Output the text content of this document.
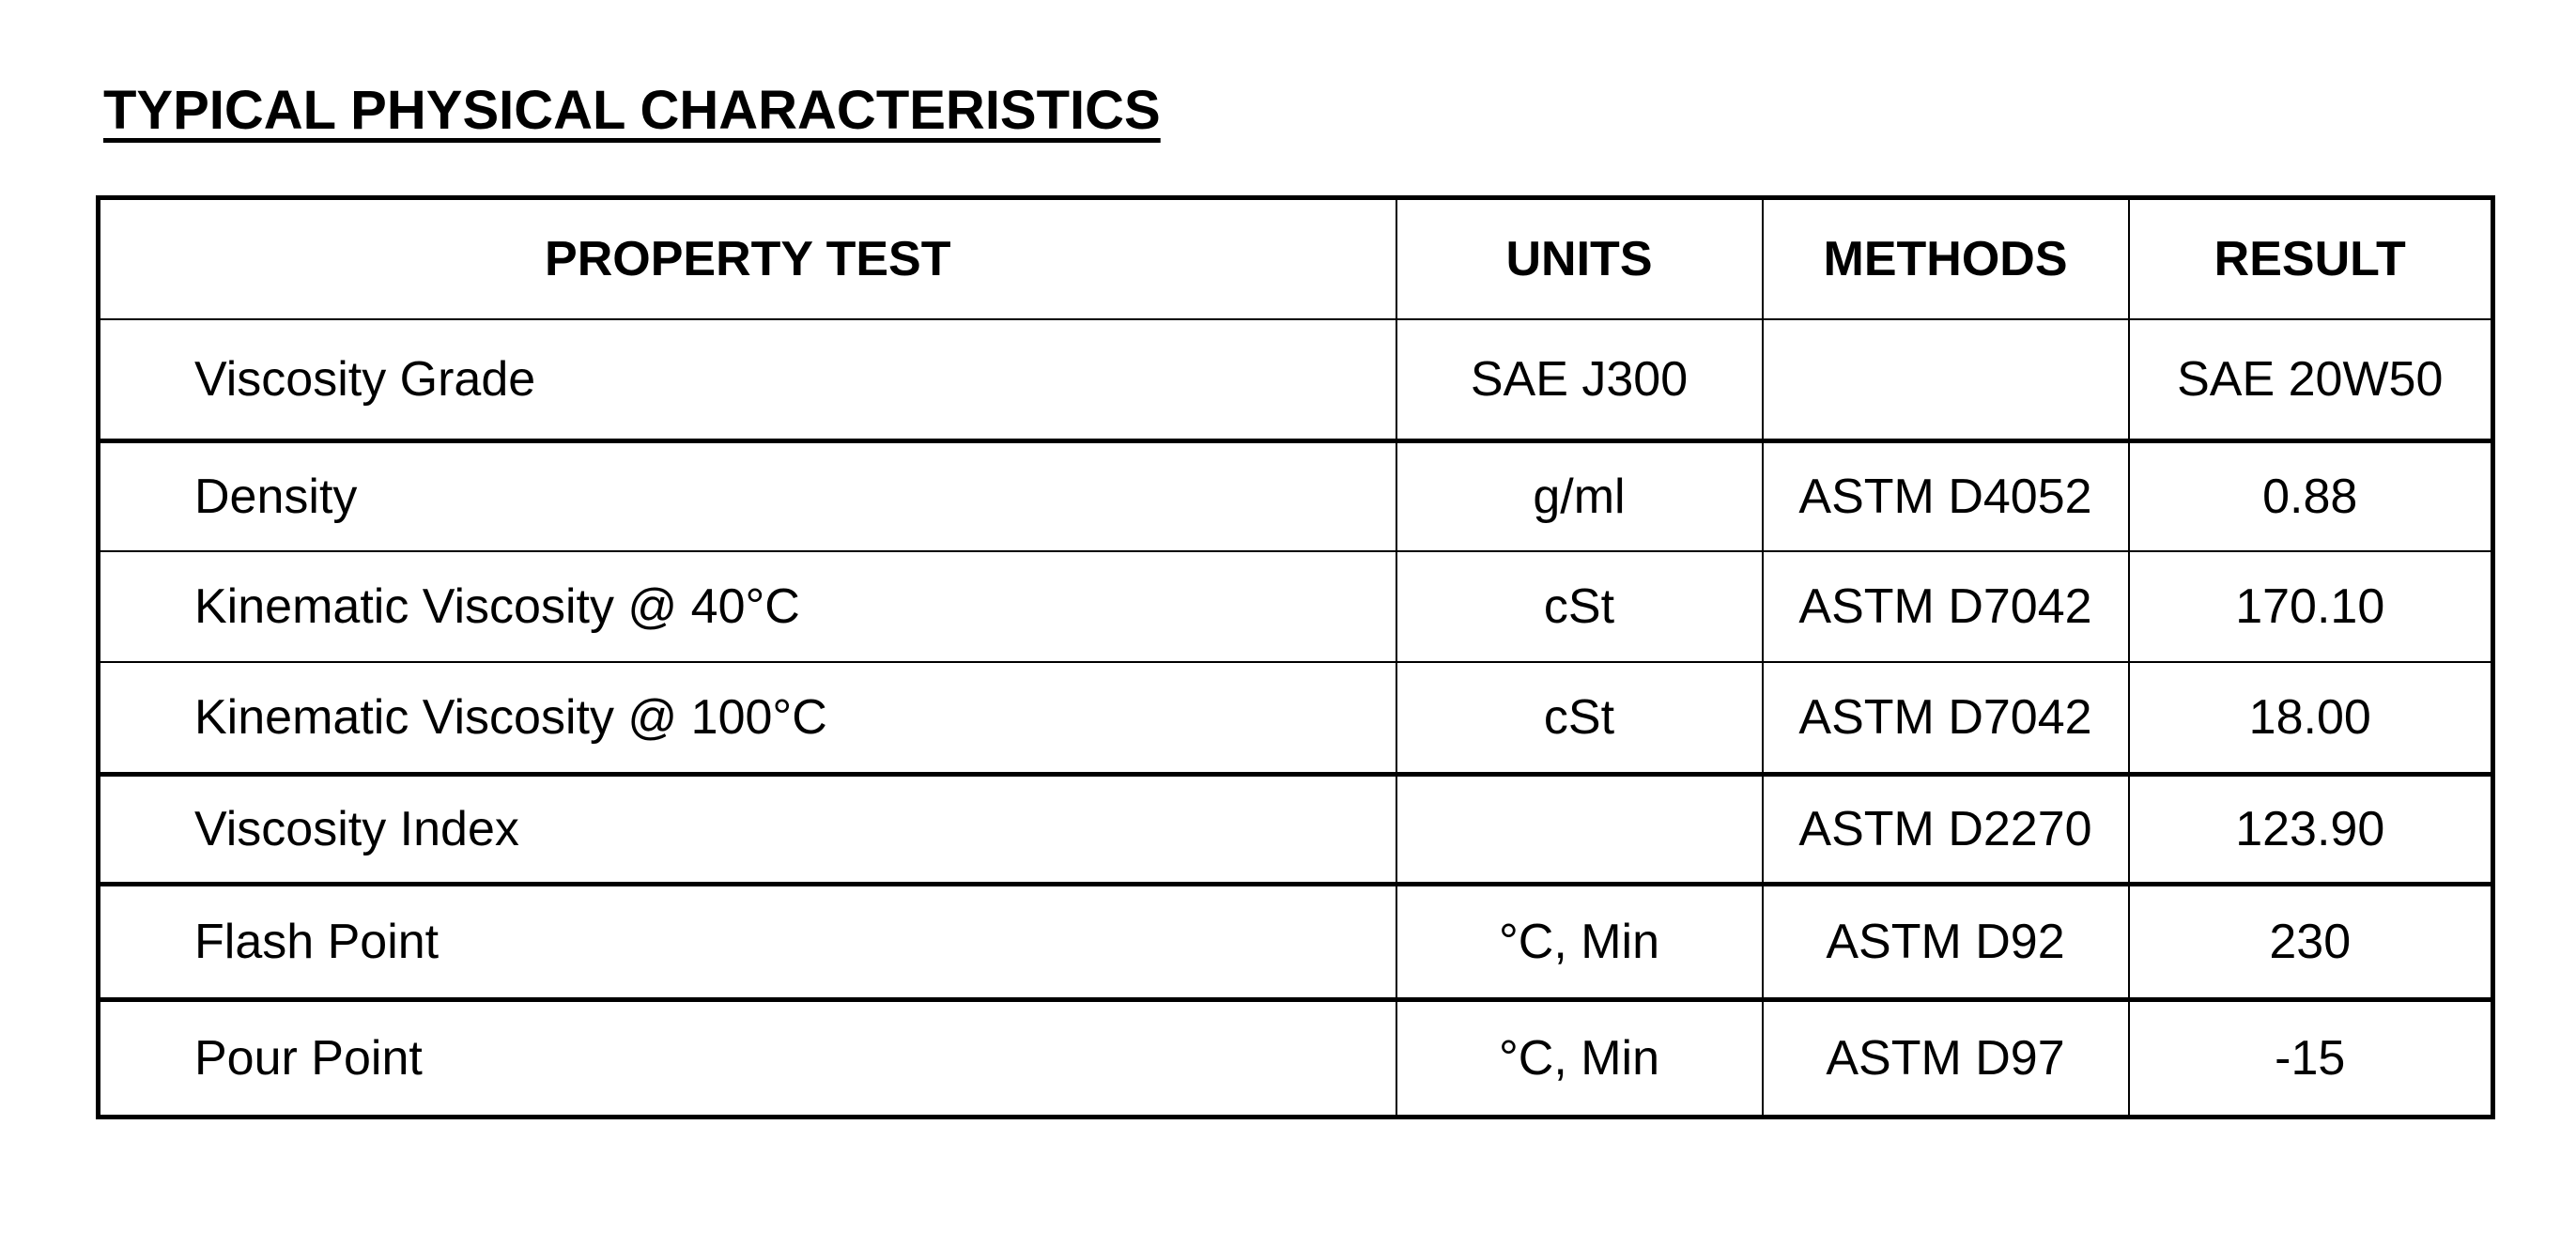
TYPICAL PHYSICAL CHARACTERISTICS
PROPERTY TEST	UNITS	METHODS	RESULT
Viscosity Grade	SAE J300		SAE 20W50
Density	g/ml	ASTM D4052	0.88
Kinematic Viscosity @ 40°C	cSt	ASTM D7042	170.10
Kinematic Viscosity @ 100°C	cSt	ASTM D7042	18.00
Viscosity Index		ASTM D2270	123.90
Flash Point	°C, Min	ASTM D92	230
Pour Point	°C, Min	ASTM D97	-15
